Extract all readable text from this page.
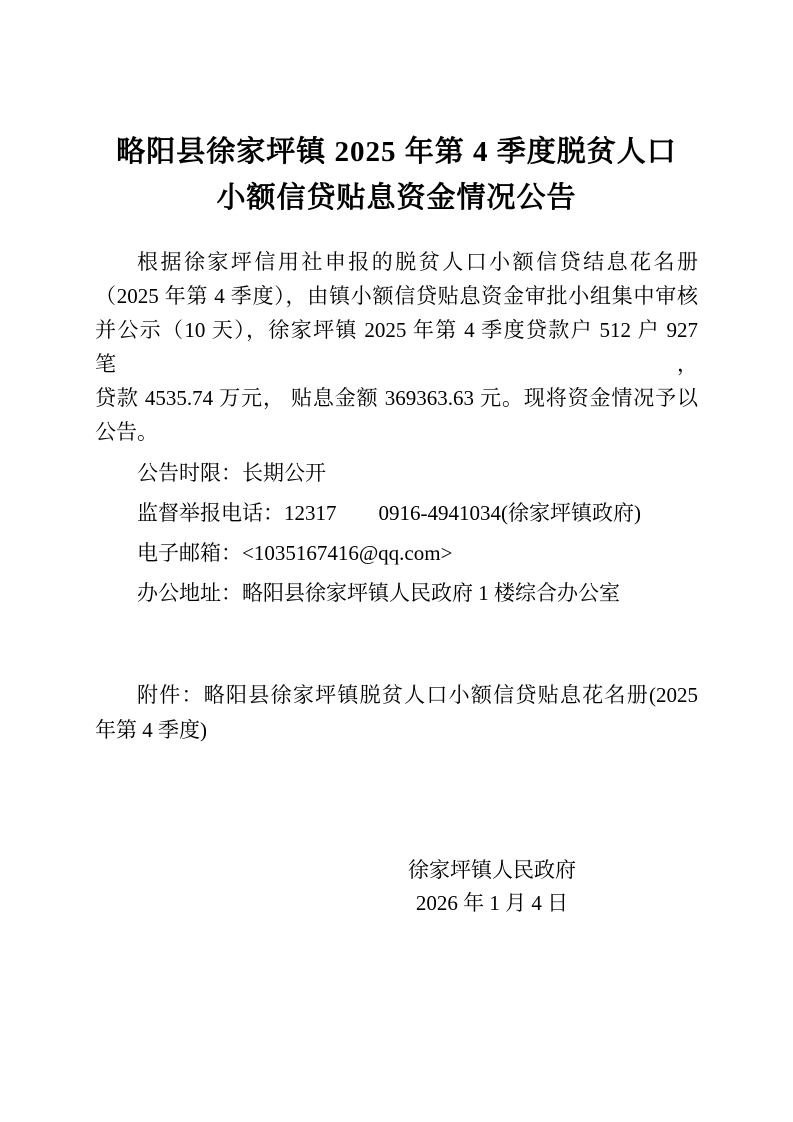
略阳县徐家坪镇 2025 年第 4 季度脱贫人口
小额信贷贴息资金情况公告
根据徐家坪信用社申报的脱贫人口小额信贷结息花名册
（2025 年第 4 季度），由镇小额信贷贴息资金审批小组集中审核
并公示（10 天），徐家坪镇 2025 年第 4 季度贷款户 512 户 927 笔，
贷款 4535.74 万元， 贴息金额 369363.63 元。现将资金情况予以
公告。
公告时限：长期公开
监督举报电话：12317        0916-4941034(徐家坪镇政府)
电子邮箱：<1035167416@qq.com>
办公地址：略阳县徐家坪镇人民政府 1 楼综合办公室
附件：略阳县徐家坪镇脱贫人口小额信贷贴息花名册(2025
年第 4 季度)
徐家坪镇人民政府
2026 年 1 月 4 日
